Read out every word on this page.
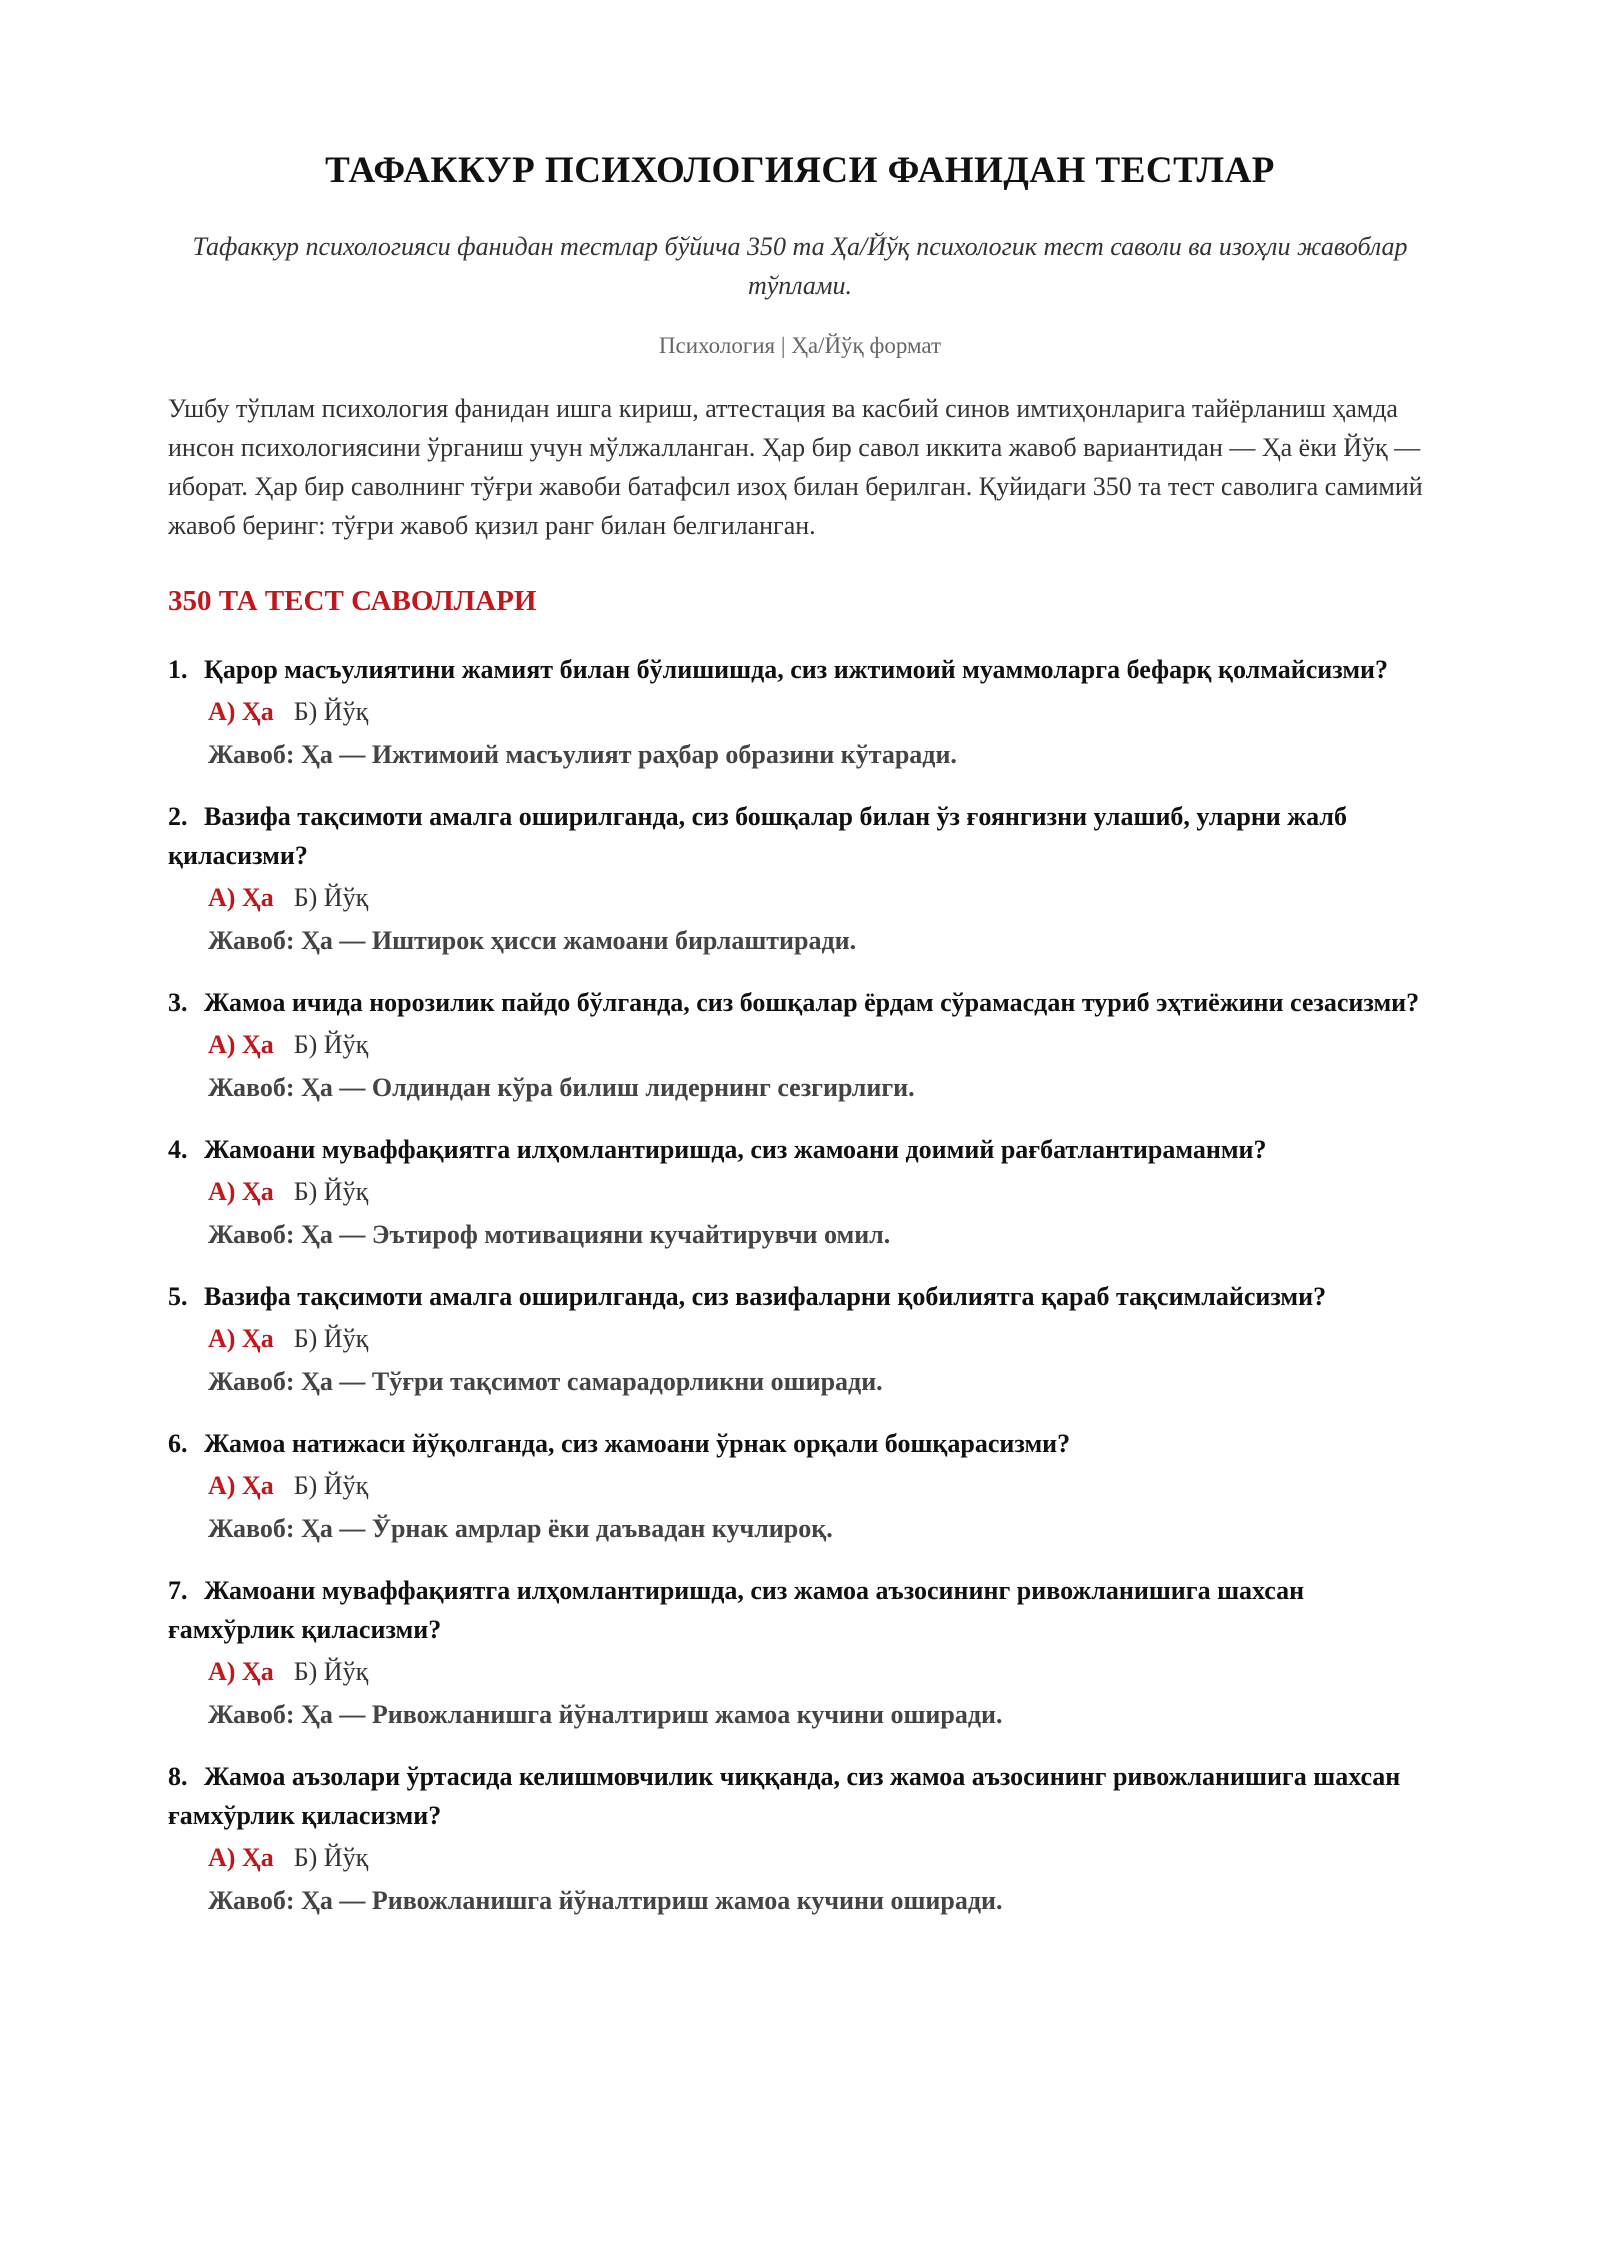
ТАФАККУР ПСИХОЛОГИЯСИ ФАНИДАН ТЕСТЛАР

Тафаккур психологияси фанидан тестлар бўйича 350 та Ҳа/Йўқ психологик тест саволи ва изоҳли жавоблар тўплами.

Психология | Ҳа/Йўқ формат

Ушбу тўплам психология фанидан ишга кириш, аттестация ва касбий синов имтиҳонларига тайёрланиш ҳамда инсон психологиясини ўрганиш учун мўлжалланган. Ҳар бир савол иккита жавоб вариантидан — Ҳа ёки Йўқ — иборат. Ҳар бир саволнинг тўғри жавоби батафсил изоҳ билан берилган. Қуйидаги 350 та тест саволига самимий жавоб беринг: тўғри жавоб қизил ранг билан белгиланган.

350 ТА ТЕСТ САВОЛЛАРИ

1. Қарор масъулиятини жамият билан бўлишишда, сиз ижтимоий муаммоларга бефарқ қолмайсизми?

А) Ҳа Б) Йўқ

Жавоб: Ҳа — Ижтимоий масъулият раҳбар образини кўтаради.

2. Вазифа тақсимоти амалга оширилганда, сиз бошқалар билан ўз ғоянгизни улашиб, уларни жалб қиласизми?

А) Ҳа Б) Йўқ

Жавоб: Ҳа — Иштирок ҳисси жамоани бирлаштиради.

3. Жамоа ичида норозилик пайдо бўлганда, сиз бошқалар ёрдам сўрамасдан туриб эҳтиёжини сезасизми?

А) Ҳа Б) Йўқ

Жавоб: Ҳа — Олдиндан кўра билиш лидернинг сезгирлиги.

4. Жамоани муваффақиятга илҳомлантиришда, сиз жамоани доимий рағбатлантираманми?

А) Ҳа Б) Йўқ

Жавоб: Ҳа — Эътироф мотивацияни кучайтирувчи омил.

5. Вазифа тақсимоти амалга оширилганда, сиз вазифаларни қобилиятга қараб тақсимлайсизми?

А) Ҳа Б) Йўқ

Жавоб: Ҳа — Тўғри тақсимот самарадорликни оширади.

6. Жамоа натижаси йўқолганда, сиз жамоани ўрнак орқали бошқарасизми?

А) Ҳа Б) Йўқ

Жавоб: Ҳа — Ўрнак амрлар ёки даъвадан кучлироқ.

7. Жамоани муваффақиятга илҳомлантиришда, сиз жамоа аъзосининг ривожланишига шахсан ғамхўрлик қиласизми?

А) Ҳа Б) Йўқ

Жавоб: Ҳа — Ривожланишга йўналтириш жамоа кучини оширади.

8. Жамоа аъзолари ўртасида келишмовчилик чиққанда, сиз жамоа аъзосининг ривожланишига шахсан ғамхўрлик қиласизми?

А) Ҳа Б) Йўқ

Жавоб: Ҳа — Ривожланишга йўналтириш жамоа кучини оширади.
